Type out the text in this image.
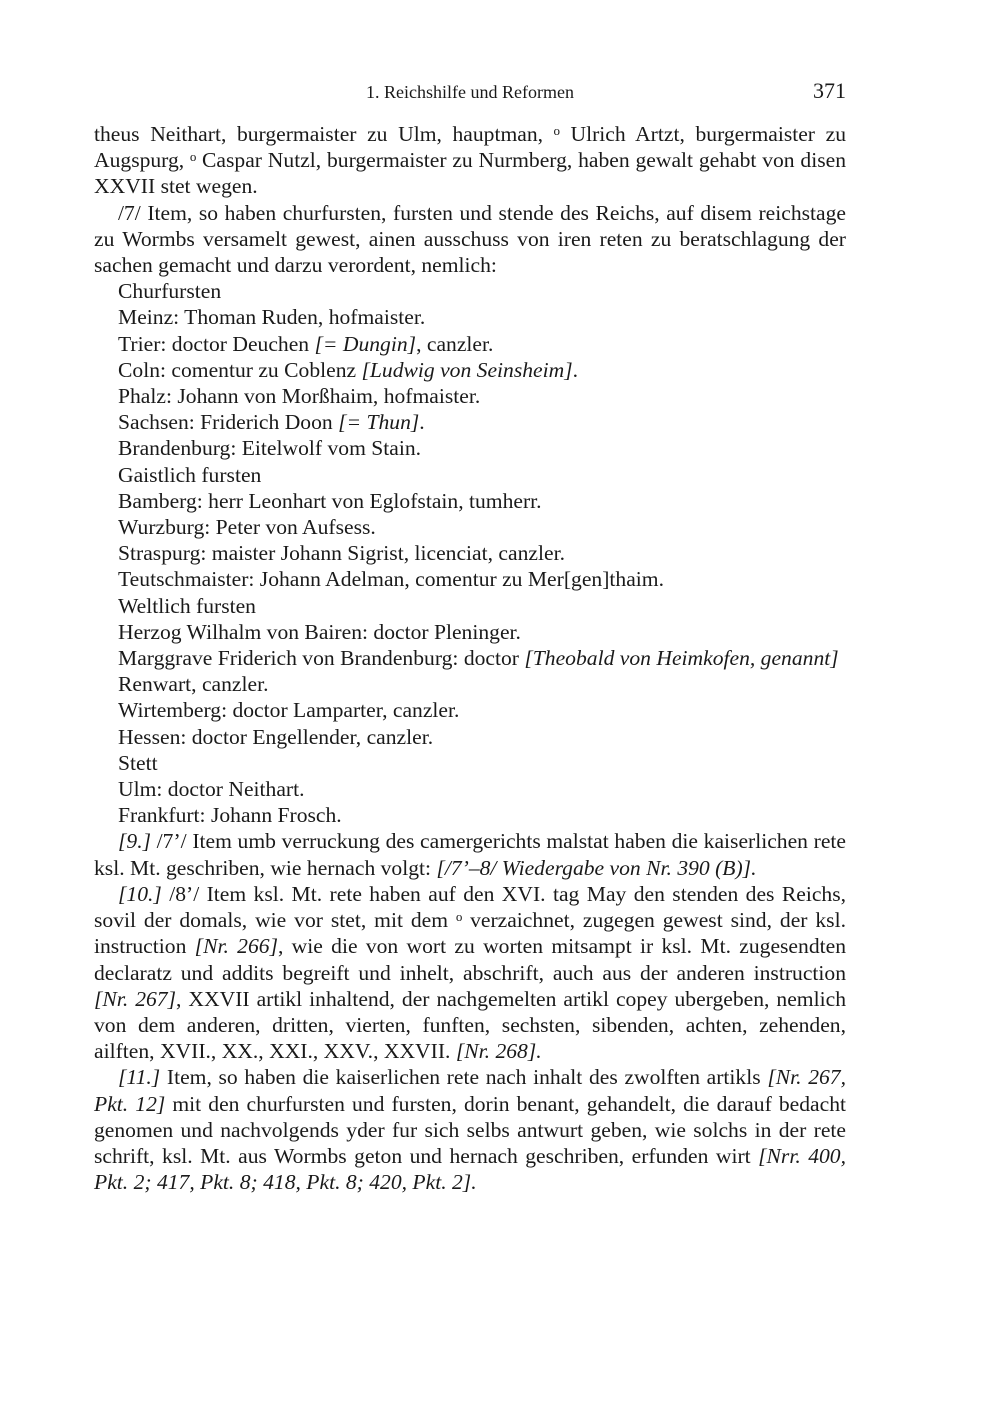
1. Reichshilfe und Reformen	371

theus Neithart, burgermaister zu Ulm, hauptman, ᵒ Ulrich Artzt, burgermaister zu Augspurg, ᵒ Caspar Nutzl, burgermaister zu Nurmberg, haben gewalt gehabt von disen XXVII stet wegen.

/7/ Item, so haben churfursten, fursten und stende des Reichs, auf disem reichstage zu Wormbs versamelt gewest, ainen ausschuss von iren reten zu beratschlagung der sachen gemacht und darzu verordent, nemlich:

Churfursten
Meinz: Thoman Ruden, hofmaister.
Trier: doctor Deuchen [= Dungin], canzler.
Coln: comentur zu Coblenz [Ludwig von Seinsheim].
Phalz: Johann von Morßhaim, hofmaister.
Sachsen: Friderich Doon [= Thun].
Brandenburg: Eitelwolf vom Stain.
Gaistlich fursten
Bamberg: herr Leonhart von Eglofstain, tumherr.
Wurzburg: Peter von Aufsess.
Straspurg: maister Johann Sigrist, licenciat, canzler.
Teutschmaister: Johann Adelman, comentur zu Mer[gen]thaim.
Weltlich fursten
Herzog Wilhalm von Bairen: doctor Pleninger.
Marggrave Friderich von Brandenburg: doctor [Theobald von Heimkofen, genannt] Renwart, canzler.
Wirtemberg: doctor Lamparter, canzler.
Hessen: doctor Engellender, canzler.
Stett
Ulm: doctor Neithart.
Frankfurt: Johann Frosch.

[9.] /7’/ Item umb verruckung des camergerichts malstat haben die kaiserlichen rete ksl. Mt. geschriben, wie hernach volgt: [/7’–8/ Wiedergabe von Nr. 390 (B)].

[10.] /8’/ Item ksl. Mt. rete haben auf den XVI. tag May den stenden des Reichs, sovil der domals, wie vor stet, mit dem ᵒ verzaichnet, zugegen gewest sind, der ksl. instruction [Nr. 266], wie die von wort zu worten mitsampt ir ksl. Mt. zugesendten declaratz und addits begreift und inhelt, abschrift, auch aus der anderen instruction [Nr. 267], XXVII artikl inhaltend, der nachgemelten artikl copey ubergeben, nemlich von dem anderen, dritten, vierten, funften, sechsten, sibenden, achten, zehenden, ailften, XVII., XX., XXI., XXV., XXVII. [Nr. 268].

[11.] Item, so haben die kaiserlichen rete nach inhalt des zwolften artikls [Nr. 267, Pkt. 12] mit den churfursten und fursten, dorin benant, gehandelt, die darauf bedacht genomen und nachvolgends yder fur sich selbs antwurt geben, wie solchs in der rete schrift, ksl. Mt. aus Wormbs geton und hernach geschriben, erfunden wirt [Nrr. 400, Pkt. 2; 417, Pkt. 8; 418, Pkt. 8; 420, Pkt. 2].
